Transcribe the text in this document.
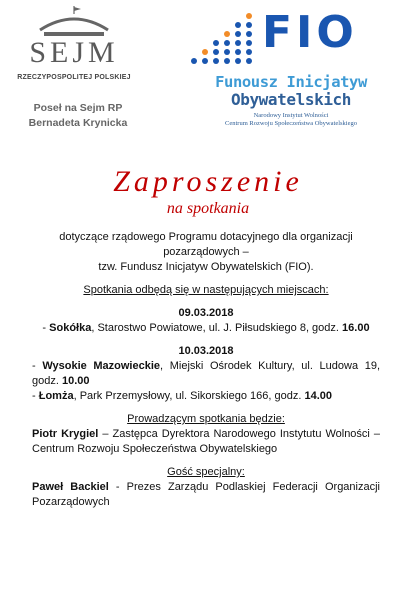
SEJM
RZECZYPOSPOLITEJ POLSKIEJ
Poseł na Sejm RP
Bernadeta Krynicka
FIO
Funousz Inicjatyw
Obywatelskich
Narodowy Instytut Wolności
Centrum Rozwoju Społeczeństwa Obywatelskiego
Zaproszenie
na spotkania

dotyczące rządowego Programu dotacyjnego dla organizacji

pozarządowych –

tzw. Fundusz Inicjatyw Obywatelskich (FIO).

Spotkania odbędą się w następujących miejscach:

09.03.2018

- Sokółka, Starostwo Powiatowe, ul. J. Piłsudskiego 8, godz. 16.00

10.03.2018

- Wysokie Mazowieckie, Miejski Ośrodek Kultury, ul. Ludowa 19, godz. 10.00

- Łomża, Park Przemysłowy, ul. Sikorskiego 166, godz. 14.00

Prowadzącym spotkania będzie:

Piotr Krygiel – Zastępca Dyrektora Narodowego Instytutu Wolności – Centrum Rozwoju Społeczeństwa Obywatelskiego

Gość specjalny:

Paweł Backiel - Prezes Zarządu Podlaskiej Federacji Organizacji Pozarządowych
